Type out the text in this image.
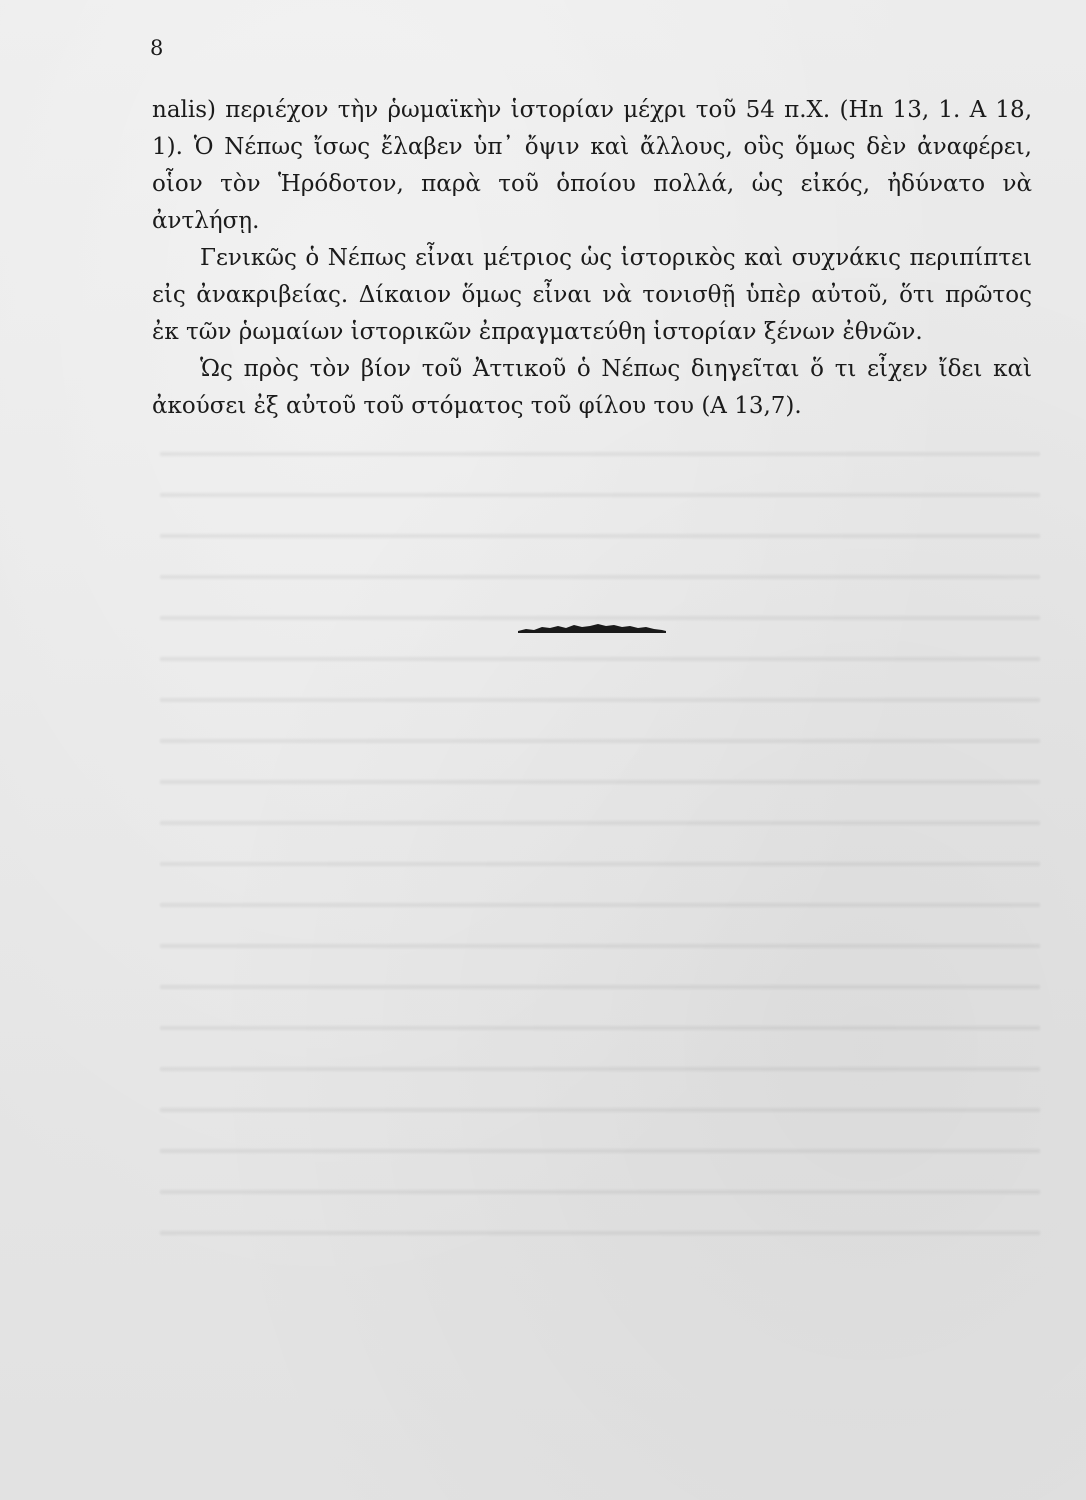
8

nalis) περιέχον τὴν ῥωμαϊκὴν ἱστορίαν μέχρι τοῦ 54 π.Χ. (Hn 13, 1. A 18, 1). Ὁ Νέπως ἴσως ἔλαβεν ὑπ᾽ ὄψιν καὶ ἄλλους, οὓς ὅμως δὲν ἀναφέρει, οἷον τὸν Ἡρόδοτον, παρὰ τοῦ ὁποίου πολλά, ὡς εἰκός, ἠδύνατο νὰ ἀντλήσῃ.

Γενικῶς ὁ Νέπως εἶναι μέτριος ὡς ἱστορικὸς καὶ συχνάκις περιπίπτει εἰς ἀνακριβείας. Δίκαιον ὅμως εἶναι νὰ τονισθῇ ὑπὲρ αὐτοῦ, ὅτι πρῶτος ἐκ τῶν ῥωμαίων ἱστορικῶν ἐπραγματεύθη ἱστορίαν ξένων ἐθνῶν.

Ὡς πρὸς τὸν βίον τοῦ Ἀττικοῦ ὁ Νέπως διηγεῖται ὅ τι εἶχεν ἴδει καὶ ἀκούσει ἐξ αὐτοῦ τοῦ στόματος τοῦ φίλου του (A 13,7).
